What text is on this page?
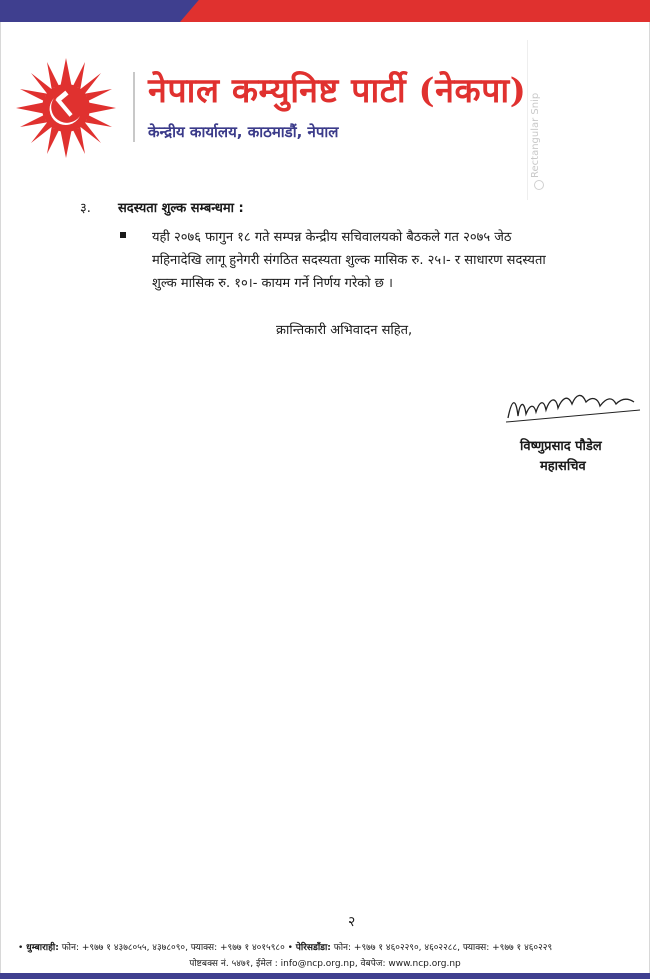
नेपाल कम्युनिष्ट पार्टी (नेकपा)
केन्द्रीय कार्यालय, काठमाडौं, नेपाल	Rectangular Snip
३. सदस्यता शुल्क सम्बन्धमा :
यही २०७६ फागुन १८ गते सम्पन्न केन्द्रीय सचिवालयको बैठकले गत २०७५ जेठ
महिनादेखि लागू हुनेगरी संगठित सदस्यता शुल्क मासिक रु. २५।- र साधारण सदस्यता
शुल्क मासिक रु. १०।- कायम गर्ने निर्णय गरेको छ ।
क्रान्तिकारी अभिवादन सहित,
विष्णुप्रसाद पौडेल
महासचिव
२
• धुम्बाराही: फोन: +९७७ १ ४३७८०५५, ४३७८०९०, फ्याक्स: +९७७ १ ४०१५९८० • पेरिसडाँडा: फोन: +९७७ १ ४६०२२९०, ४६०२२८८, फ्याक्स: +९७७ १ ४६०२२९
पोष्टबक्स नं. ५४७१, ईमेल : info@ncp.org.np, वेबपेज: www.ncp.org.np
